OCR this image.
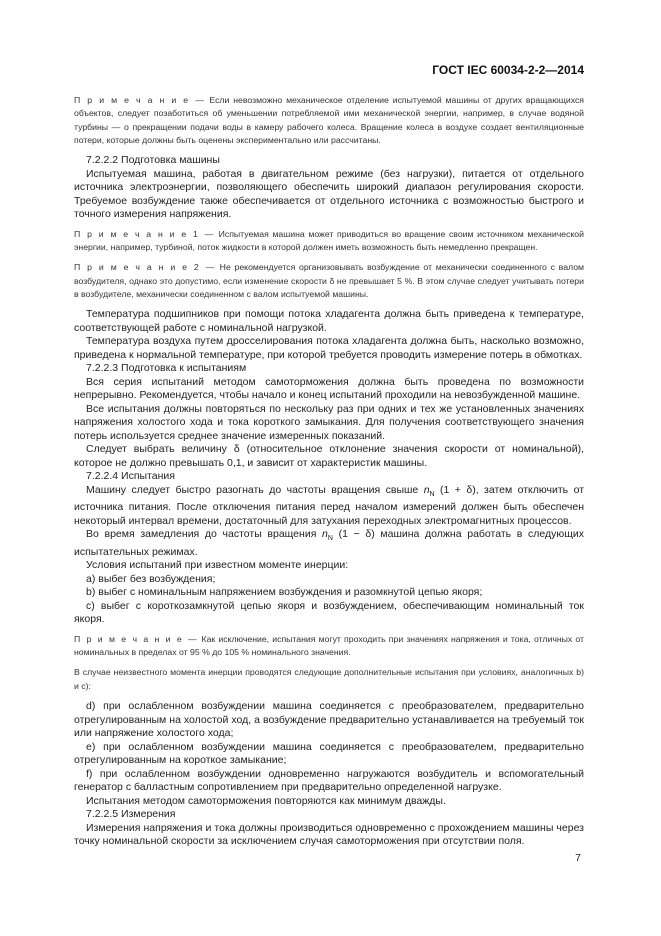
ГОСТ IEC 60034-2-2—2014

П р и м е ч а н и е — Если невозможно механическое отделение испытуемой машины от других вращающихся объектов, следует позаботиться об уменьшении потребляемой ими механической энергии, например, в случае водяной турбины — о прекращении подачи воды в камеру рабочего колеса. Вращение колеса в воздухе создает вентиляционные потери, которые должны быть оценены экспериментально или рассчитаны.

7.2.2.2 Подготовка машины

Испытуемая машина, работая в двигательном режиме (без нагрузки), питается от отдельного источника электроэнергии, позволяющего обеспечить широкий диапазон регулирования скорости. Требуемое возбуждение также обеспечивается от отдельного источника с возможностью быстрого и точного измерения напряжения.

П р и м е ч а н и е 1 — Испытуемая машина может приводиться во вращение своим источником механической энергии, например, турбиной, поток жидкости в которой должен иметь возможность быть немедленно прекращен.

П р и м е ч а н и е 2 — Не рекомендуется организовывать возбуждение от механически соединенного с валом возбудителя, однако это допустимо, если изменение скорости δ не превышает 5 %. В этом случае следует учитывать потери в возбудителе, механически соединенном с валом испытуемой машины.

Температура подшипников при помощи потока хладагента должна быть приведена к температуре, соответствующей работе с номинальной нагрузкой.

Температура воздуха путем дросселирования потока хладагента должна быть, насколько возможно, приведена к нормальной температуре, при которой требуется проводить измерение потерь в обмотках.

7.2.2.3 Подготовка к испытаниям

Вся серия испытаний методом самоторможения должна быть проведена по возможности непрерывно. Рекомендуется, чтобы начало и конец испытаний проходили на невозбужденной машине.

Все испытания должны повторяться по нескольку раз при одних и тех же установленных значениях напряжения холостого хода и тока короткого замыкания. Для получения соответствующего значения потерь используется среднее значение измеренных показаний.

Следует выбрать величину δ (относительное отклонение значения скорости от номинальной), которое не должно превышать 0,1, и зависит от характеристик машины.

7.2.2.4 Испытания

Машину следует быстро разогнать до частоты вращения свыше $n_N$ (1 + δ), затем отключить от источника питания. После отключения питания перед началом измерений должен быть обеспечен некоторый интервал времени, достаточный для затухания переходных электромагнитных процессов.

Во время замедления до частоты вращения $n_N$ (1 − δ) машина должна работать в следующих испытательных режимах.

Условия испытаний при известном моменте инерции:

a) выбег без возбуждения;

b) выбег с номинальным напряжением возбуждения и разомкнутой цепью якоря;

c) выбег с короткозамкнутой цепью якоря и возбуждением, обеспечивающим номинальный ток якоря.

П р и м е ч а н и е — Как исключение, испытания могут проходить при значениях напряжения и тока, отличных от номинальных в пределах от 95 % до 105 % номинального значения.

В случае неизвестного момента инерции проводятся следующие дополнительные испытания при условиях, аналогичных b) и c):

d) при ослабленном возбуждении машина соединяется с преобразователем, предварительно отрегулированным на холостой ход, а возбуждение предварительно устанавливается на требуемый ток или напряжение холостого хода;

e) при ослабленном возбуждении машина соединяется с преобразователем, предварительно отрегулированным на короткое замыкание;

f) при ослабленном возбуждении одновременно нагружаются возбудитель и вспомогательный генератор с балластным сопротивлением при предварительно определенной нагрузке.

Испытания методом самоторможения повторяются как минимум дважды.

7.2.2.5 Измерения

Измерения напряжения и тока должны производиться одновременно с прохождением машины через точку номинальной скорости за исключением случая самоторможения при отсутствии поля.

7
